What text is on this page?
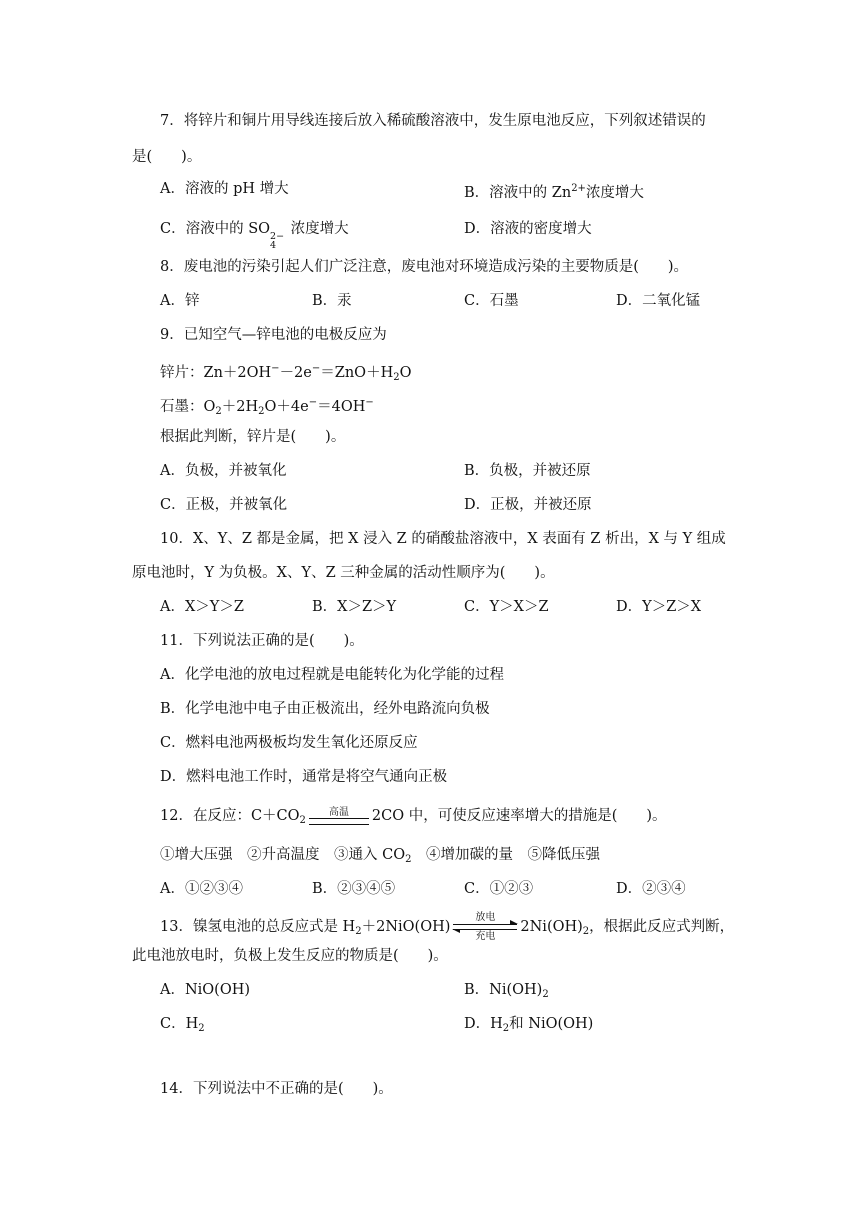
7．将锌片和铜片用导线连接后放入稀硫酸溶液中，发生原电池反应，下列叙述错误的
是(　　)。
A．溶液的 pH 增大	B．溶液中的 $Zn^{2+}$浓度增大
C．溶液中的 SO 2−
4
浓度增大	D．溶液的密度增大
8．废电池的污染引起人们广泛注意，废电池对环境造成污染的主要物质是(　　)。
A．锌	B．汞	C．石墨	D．二氧化锰
9．已知空气—锌电池的电极反应为
锌片：$Zn+2OH^--2e^-=ZnO+H_2O$
石墨：$O_2+2H_2O+4e^-=4OH^-$
根据此判断，锌片是(　　)。
A．负极，并被氧化	B．负极，并被还原
C．正极，并被氧化	D．正极，并被还原
10．X、Y、Z 都是金属，把 X 浸入 Z 的硝酸盐溶液中，X 表面有 Z 析出，X 与 Y 组成
原电池时，Y 为负极。X、Y、Z 三种金属的活动性顺序为(　　)。
A．X＞Y＞Z	B．X＞Z＞Y	C．Y＞X＞Z	D．Y＞Z＞X
11．下列说法正确的是(　　)。
A．化学电池的放电过程就是电能转化为化学能的过程
B．化学电池中电子由正极流出，经外电路流向负极
C．燃料电池两极板均发生氧化还原反应
D．燃料电池工作时，通常是将空气通向正极
12．在反应：$C+CO_2$
高温 2CO 中，可使反应速率增大的措施是(　　)。
①增大压强　②升高温度　③通入 $CO_2$　④增加碳的量　⑤降低压强
A．①②③④	B．②③④⑤	C．①②③	D．②③④
13．镍氢电池的总反应式是 $H_2+2NiO(OH)$
放电
充电
$2Ni(OH)_2$，根据此反应式判断，
此电池放电时，负极上发生反应的物质是(　　)。
A．NiO(OH)	B．$Ni(OH)_2$
C．$H_2$	D．$H_2$和 NiO(OH)
14．下列说法中不正确的是(　　)。
